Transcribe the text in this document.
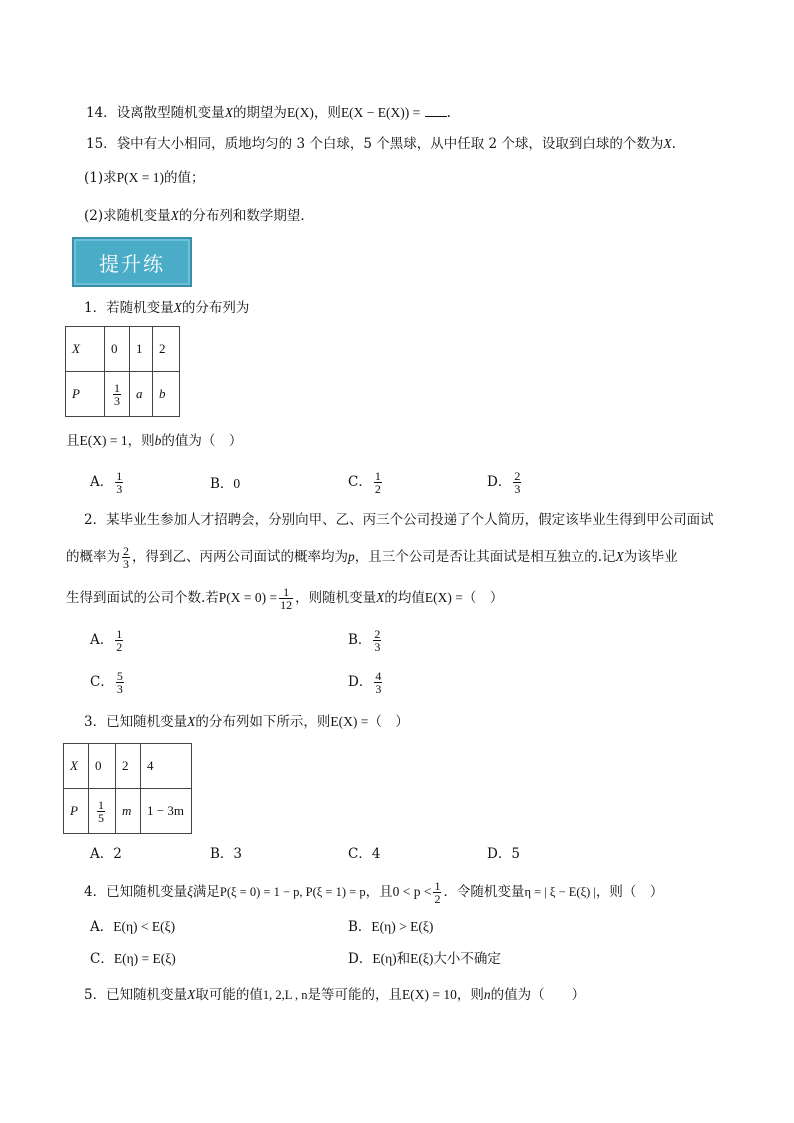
14．设离散型随机变量X的期望为E(X)，则E(X − E(X)) = .
15．袋中有大小相同，质地均匀的 3 个白球，5 个黑球，从中任取 2 个球，设取到白球的个数为X.
(1)求P(X = 1)的值；
(2)求随机变量X的分布列和数学期望．
提升练
1．若随机变量X的分布列为
X	0	1	2
P	$\frac{1}{3}$	a	b
且E(X) = 1，则b的值为（　）
A． $\frac{1}{3}$	B．0	C． $\frac{1}{2}$	D． $\frac{2}{3}$
2．某毕业生参加人才招聘会，分别向甲、乙、丙三个公司投递了个人简历，假定该毕业生得到甲公司面试
的概率为 $\frac{2}{3}$ ，得到乙、丙两公司面试的概率均为p，且三个公司是否让其面试是相互独立的.记X为该毕业
生得到面试的公司个数.若$P(X = 0) = \frac{1}{12}$ ，则随机变量X的均值E(X) =（　）
A． $\frac{1}{2}$	B． $\frac{2}{3}$
C． $\frac{5}{3}$	D． $\frac{4}{3}$
3．已知随机变量X的分布列如下所示，则E(X) =（　）
X	0	2	4
P	$\frac{1}{5}$	m	1 − 3m
A．2	B．3	C．4	D．5
4．已知随机变量ξ满足P(ξ = 0) = 1 − p, P(ξ = 1) = p，且$0 < p < \frac{1}{2}$ ．令随机变量η = | ξ − E(ξ) |，则（　）
A．E(η) < E(ξ)	B．E(η) > E(ξ)
C．E(η) = E(ξ)	D．E(η)和E(ξ)大小不确定
5．已知随机变量X取可能的值1, 2,L , n是等可能的，且E(X) = 10，则n的值为（　　）
